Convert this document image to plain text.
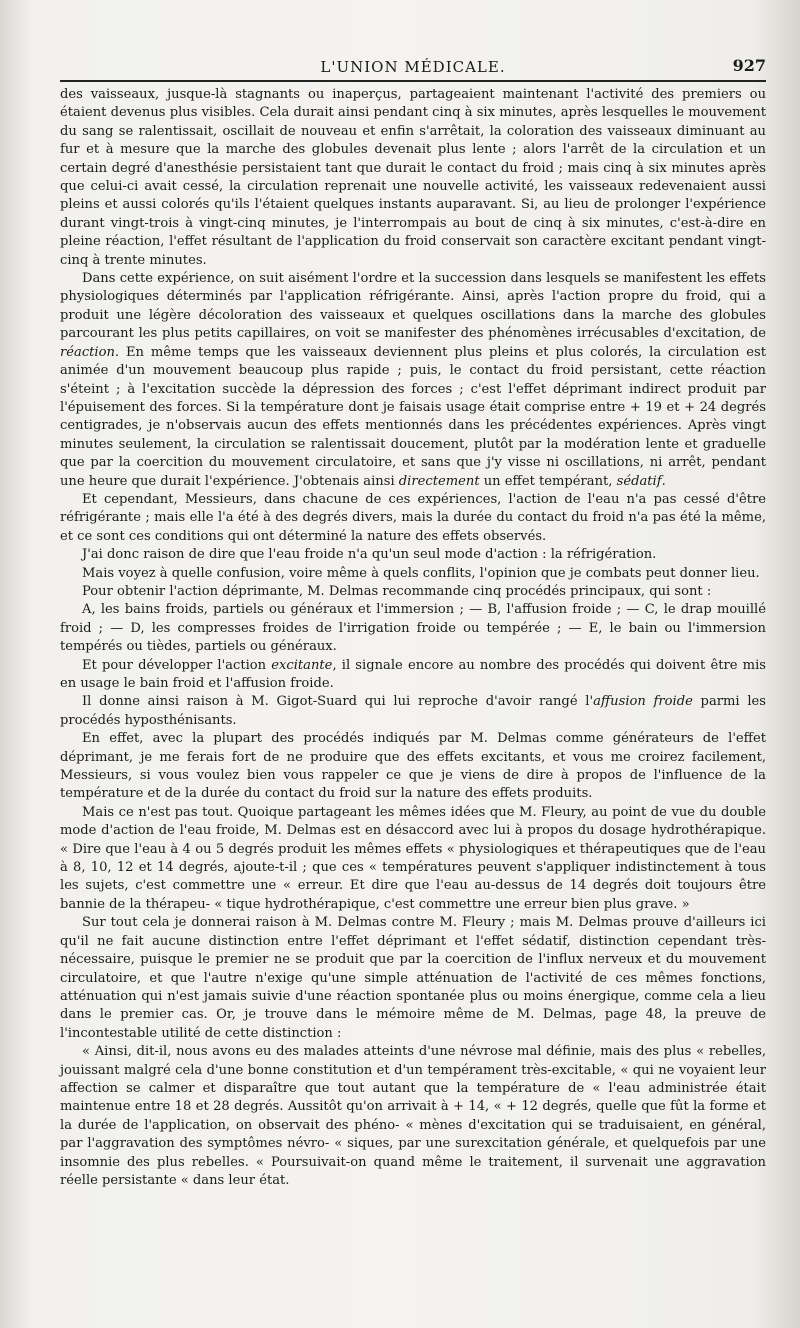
L'UNION MÉDICALE.	927

des vaisseaux, jusque-là stagnants ou inaperçus, partageaient maintenant l'activité des premiers ou étaient devenus plus visibles. Cela durait ainsi pendant cinq à six minutes, après lesquelles le mouvement du sang se ralentissait, oscillait de nouveau et enfin s'arrêtait, la coloration des vaisseaux diminuant au fur et à mesure que la marche des globules devenait plus lente ; alors l'arrêt de la circulation et un certain degré d'anesthésie persistaient tant que durait le contact du froid ; mais cinq à six minutes après que celui-ci avait cessé, la circulation reprenait une nouvelle activité, les vaisseaux redevenaient aussi pleins et aussi colorés qu'ils l'étaient quelques instants auparavant. Si, au lieu de prolonger l'expérience durant vingt-trois à vingt-cinq minutes, je l'interrompais au bout de cinq à six minutes, c'est-à-dire en pleine réaction, l'effet résultant de l'application du froid conservait son caractère excitant pendant vingt-cinq à trente minutes.

Dans cette expérience, on suit aisément l'ordre et la succession dans lesquels se manifestent les effets physiologiques déterminés par l'application réfrigérante. Ainsi, après l'action propre du froid, qui a produit une légère décoloration des vaisseaux et quelques oscillations dans la marche des globules parcourant les plus petits capillaires, on voit se manifester des phénomènes irrécusables d'excitation, de réaction. En même temps que les vaisseaux deviennent plus pleins et plus colorés, la circulation est animée d'un mouvement beaucoup plus rapide ; puis, le contact du froid persistant, cette réaction s'éteint ; à l'excitation succède la dépression des forces ; c'est l'effet déprimant indirect produit par l'épuisement des forces. Si la température dont je faisais usage était comprise entre + 19 et + 24 degrés centigrades, je n'observais aucun des effets mentionnés dans les précédentes expériences. Après vingt minutes seulement, la circulation se ralentissait doucement, plutôt par la modération lente et graduelle que par la coercition du mouvement circulatoire, et sans que j'y visse ni oscillations, ni arrêt, pendant une heure que durait l'expérience. J'obtenais ainsi directement un effet tempérant, sédatif.

Et cependant, Messieurs, dans chacune de ces expériences, l'action de l'eau n'a pas cessé d'être réfrigérante ; mais elle l'a été à des degrés divers, mais la durée du contact du froid n'a pas été la même, et ce sont ces conditions qui ont déterminé la nature des effets observés.

J'ai donc raison de dire que l'eau froide n'a qu'un seul mode d'action : la réfrigération.

Mais voyez à quelle confusion, voire même à quels conflits, l'opinion que je combats peut donner lieu.

Pour obtenir l'action déprimante, M. Delmas recommande cinq procédés principaux, qui sont :

A, les bains froids, partiels ou généraux et l'immersion ; — B, l'affusion froide ; — C, le drap mouillé froid ; — D, les compresses froides de l'irrigation froide ou tempérée ; — E, le bain ou l'immersion tempérés ou tièdes, partiels ou généraux.

Et pour développer l'action excitante, il signale encore au nombre des procédés qui doivent être mis en usage le bain froid et l'affusion froide.

Il donne ainsi raison à M. Gigot-Suard qui lui reproche d'avoir rangé l'affusion froide parmi les procédés hyposthénisants.

En effet, avec la plupart des procédés indiqués par M. Delmas comme générateurs de l'effet déprimant, je me ferais fort de ne produire que des effets excitants, et vous me croirez facilement, Messieurs, si vous voulez bien vous rappeler ce que je viens de dire à propos de l'influence de la température et de la durée du contact du froid sur la nature des effets produits.

Mais ce n'est pas tout. Quoique partageant les mêmes idées que M. Fleury, au point de vue du double mode d'action de l'eau froide, M. Delmas est en désaccord avec lui à propos du dosage hydrothérapique. « Dire que l'eau à 4 ou 5 degrés produit les mêmes effets « physiologiques et thérapeutiques que de l'eau à 8, 10, 12 et 14 degrés, ajoute-t-il ; que ces « températures peuvent s'appliquer indistinctement à tous les sujets, c'est commettre une « erreur. Et dire que l'eau au-dessus de 14 degrés doit toujours être bannie de la thérapeu- « tique hydrothérapique, c'est commettre une erreur bien plus grave. »

Sur tout cela je donnerai raison à M. Delmas contre M. Fleury ; mais M. Delmas prouve d'ailleurs ici qu'il ne fait aucune distinction entre l'effet déprimant et l'effet sédatif, distinction cependant très-nécessaire, puisque le premier ne se produit que par la coercition de l'influx nerveux et du mouvement circulatoire, et que l'autre n'exige qu'une simple atténuation de l'activité de ces mêmes fonctions, atténuation qui n'est jamais suivie d'une réaction spontanée plus ou moins énergique, comme cela a lieu dans le premier cas. Or, je trouve dans le mémoire même de M. Delmas, page 48, la preuve de l'incontestable utilité de cette distinction :

« Ainsi, dit-il, nous avons eu des malades atteints d'une névrose mal définie, mais des plus « rebelles, jouissant malgré cela d'une bonne constitution et d'un tempérament très-excitable, « qui ne voyaient leur affection se calmer et disparaître que tout autant que la température de « l'eau administrée était maintenue entre 18 et 28 degrés. Aussitôt qu'on arrivait à + 14, « + 12 degrés, quelle que fût la forme et la durée de l'application, on observait des phéno- « mènes d'excitation qui se traduisaient, en général, par l'aggravation des symptômes névro- « siques, par une surexcitation générale, et quelquefois par une insomnie des plus rebelles. « Poursuivait-on quand même le traitement, il survenait une aggravation réelle persistante « dans leur état.
